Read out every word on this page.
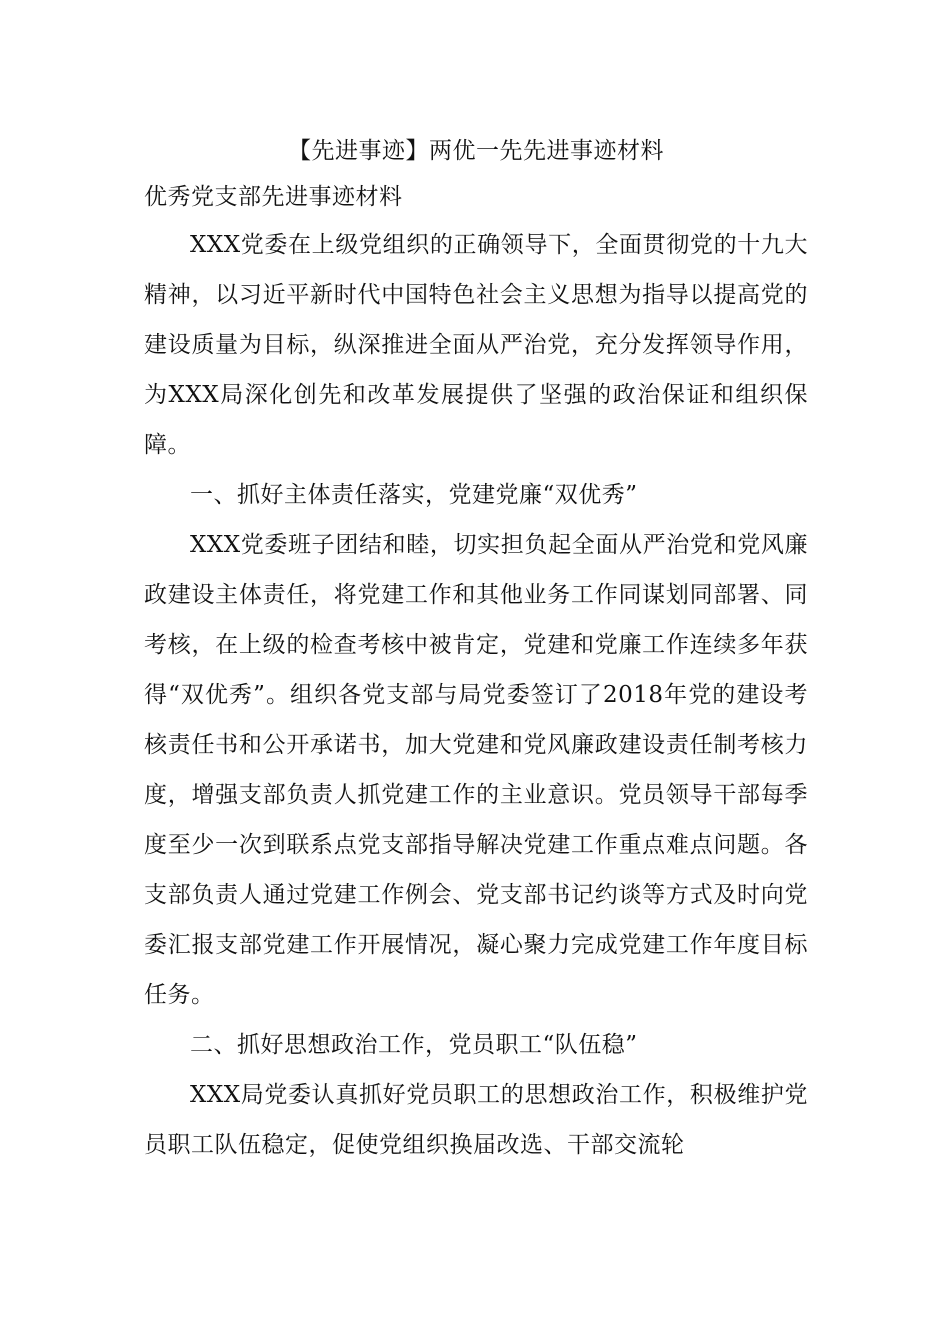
【先进事迹】两优一先先进事迹材料

优秀党支部先进事迹材料

XXX党委在上级党组织的正确领导下，全面贯彻党的十九大精神，以习近平新时代中国特色社会主义思想为指导以提高党的建设质量为目标，纵深推进全面从严治党，充分发挥领导作用，为XXX局深化创先和改革发展提供了坚强的政治保证和组织保障。

一、抓好主体责任落实，党建党廉“双优秀”

XXX党委班子团结和睦，切实担负起全面从严治党和党风廉政建设主体责任，将党建工作和其他业务工作同谋划同部署、同考核，在上级的检查考核中被肯定，党建和党廉工作连续多年获得“双优秀”。组织各党支部与局党委签订了2018年党的建设考核责任书和公开承诺书，加大党建和党风廉政建设责任制考核力度，增强支部负责人抓党建工作的主业意识。党员领导干部每季度至少一次到联系点党支部指导解决党建工作重点难点问题。各支部负责人通过党建工作例会、党支部书记约谈等方式及时向党委汇报支部党建工作开展情况，凝心聚力完成党建工作年度目标任务。

二、抓好思想政治工作，党员职工“队伍稳”

XXX局党委认真抓好党员职工的思想政治工作，积极维护党员职工队伍稳定，促使党组织换届改选、干部交流轮
